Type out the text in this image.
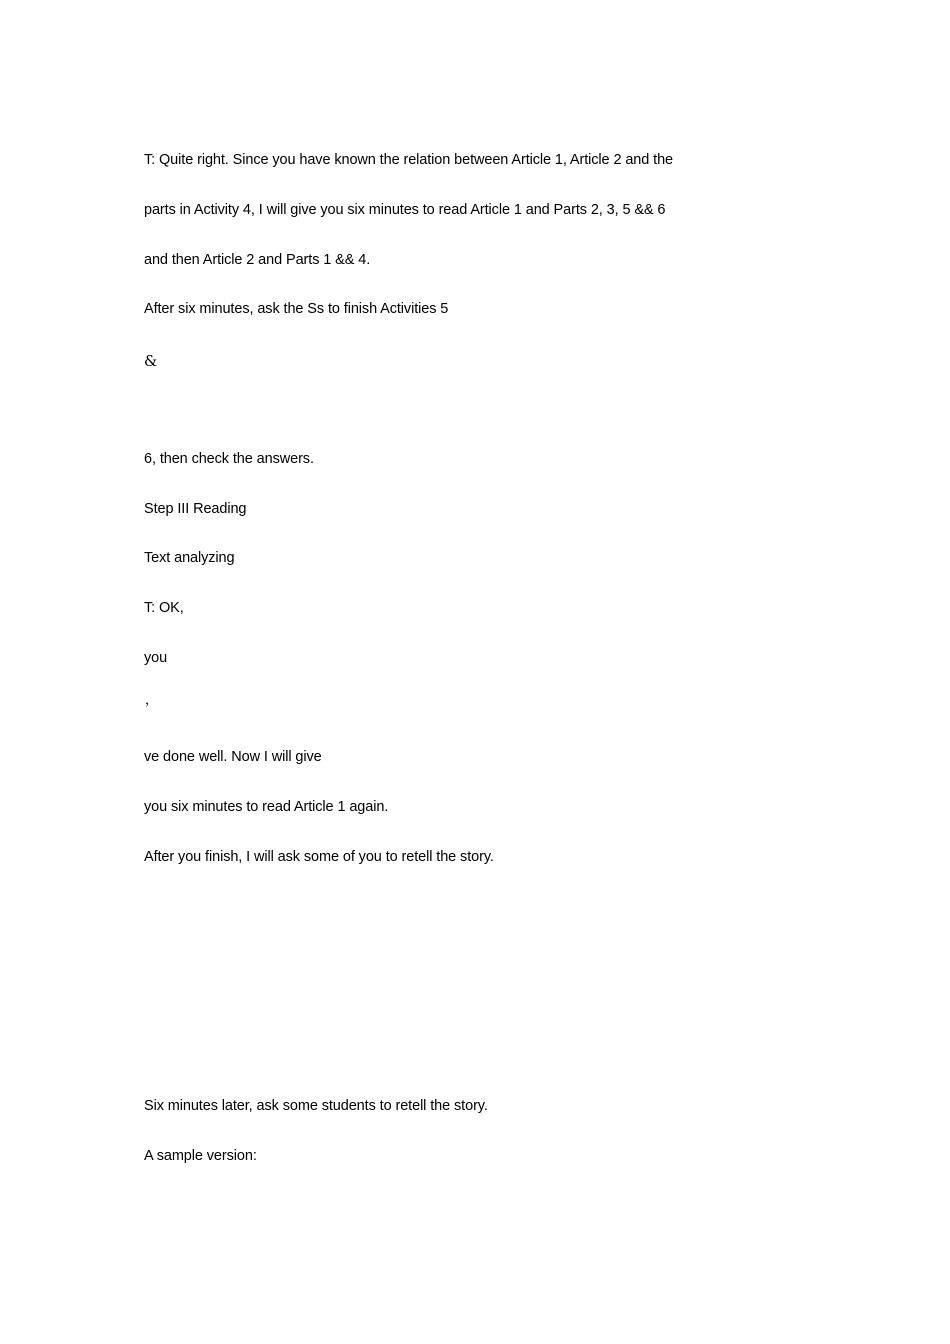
T: Quite right. Since you have known the relation between Article 1, Article 2 and the
parts in Activity 4, I will give you six minutes to read Article 1 and Parts 2, 3, 5 && 6
and then Article 2 and Parts 1 && 4.
After six minutes, ask the Ss to finish Activities 5
&
6, then check the answers.
Step III Reading
Text analyzing
T: OK,
you
，
ve done well. Now I will give
you six minutes to read Article 1 again.
After you finish, I will ask some of you to retell the story.
Six minutes later, ask some students to retell the story.
A sample version:
